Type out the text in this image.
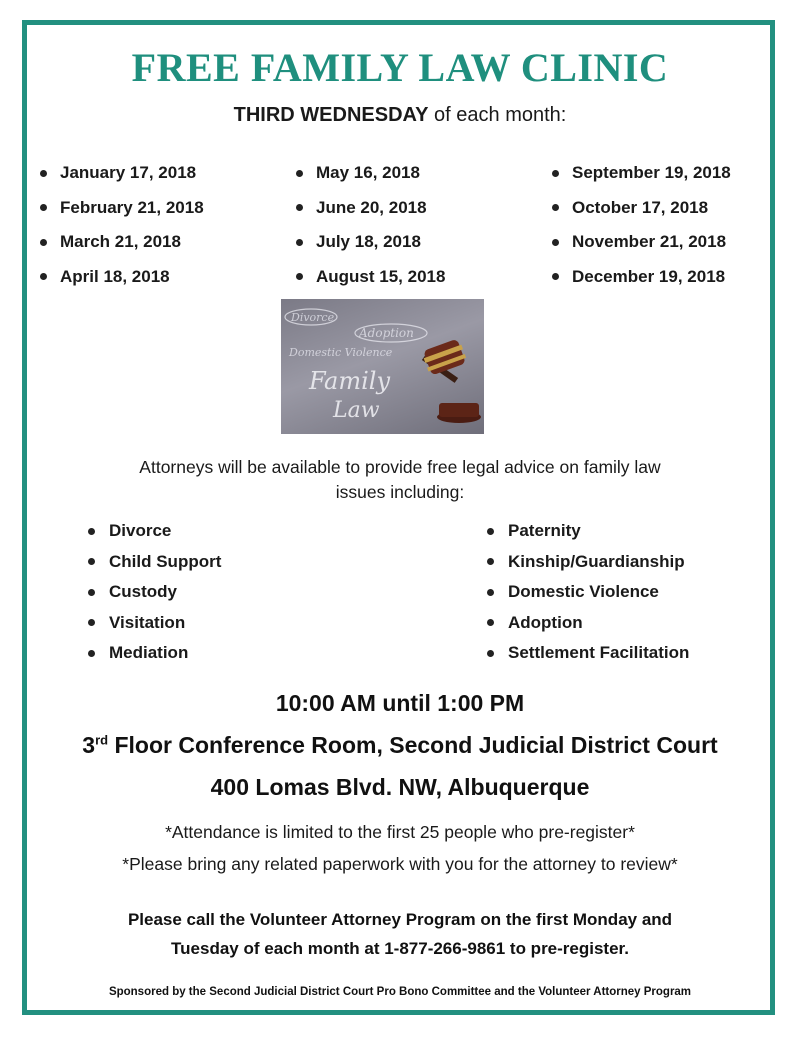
FREE FAMILY LAW CLINIC
THIRD WEDNESDAY of each month:
January 17, 2018
February 21, 2018
March 21, 2018
April 18, 2018
May 16, 2018
June 20, 2018
July 18, 2018
August 15, 2018
September 19, 2018
October 17, 2018
November 21, 2018
December 19, 2018
Divorce
Adoption
Domestic Violence
Family
Law
Attorneys will be available to provide free legal advice on family law
issues including:
Divorce
Child Support
Custody
Visitation
Mediation
Paternity
Kinship/Guardianship
Domestic Violence
Adoption
Settlement Facilitation
10:00 AM until 1:00 PM
3rd Floor Conference Room, Second Judicial District Court
400 Lomas Blvd. NW, Albuquerque
*Attendance is limited to the first 25 people who pre-register*
*Please bring any related paperwork with you for the attorney to review*
Please call the Volunteer Attorney Program on the first Monday and
Tuesday of each month at 1-877-266-9861 to pre-register.
Sponsored by the Second Judicial District Court Pro Bono Committee and the Volunteer Attorney Program
